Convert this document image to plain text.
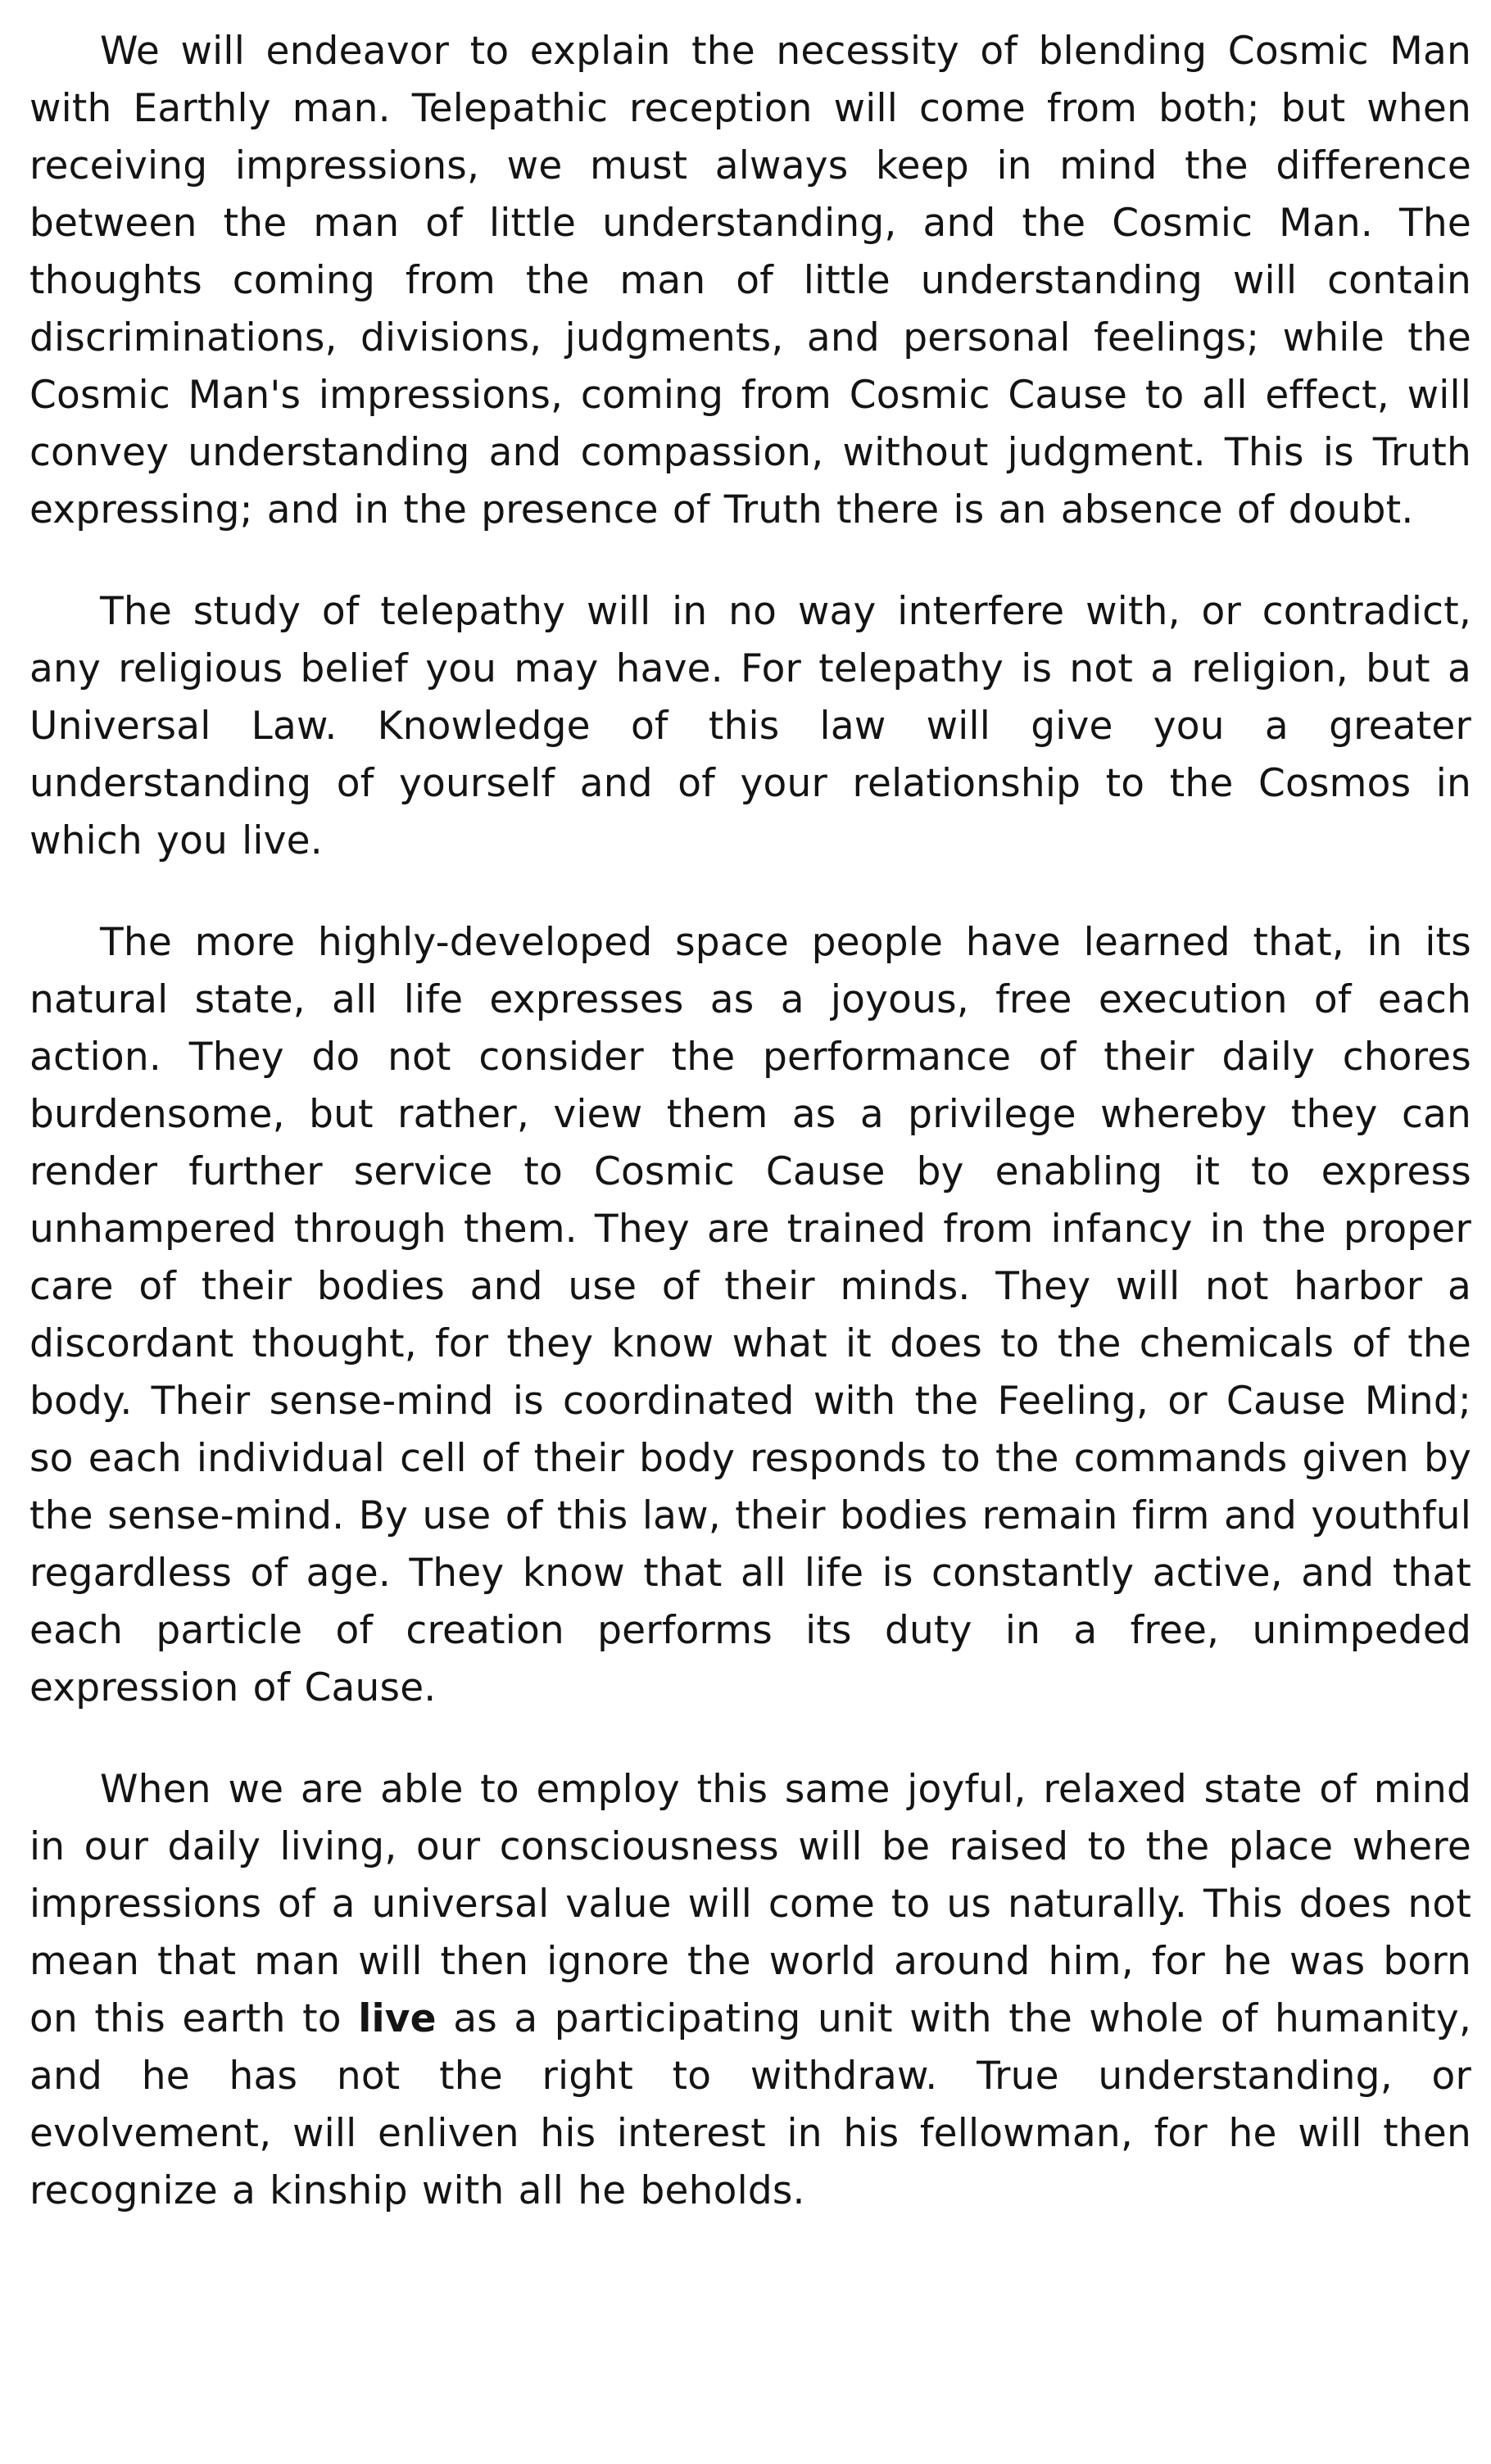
We will endeavor to explain the necessity of blending Cosmic Man with Earthly man. Telepathic reception will come from both; but when receiving impressions, we must always keep in mind the difference between the man of little understanding, and the Cosmic Man. The thoughts coming from the man of little understanding will contain discriminations, divisions, judgments, and personal feelings; while the Cosmic Man's impressions, coming from Cosmic Cause to all effect, will convey understanding and compassion, without judgment. This is Truth expressing; and in the presence of Truth there is an absence of doubt.

The study of telepathy will in no way interfere with, or contradict, any religious belief you may have. For telepathy is not a religion, but a Universal Law. Knowledge of this law will give you a greater understanding of yourself and of your relationship to the Cosmos in which you live.

The more highly-developed space people have learned that, in its natural state, all life expresses as a joyous, free execution of each action. They do not consider the performance of their daily chores burdensome, but rather, view them as a privilege whereby they can render further service to Cosmic Cause by enabling it to express unhampered through them. They are trained from infancy in the proper care of their bodies and use of their minds. They will not harbor a discordant thought, for they know what it does to the chemicals of the body. Their sense-mind is coordinated with the Feeling, or Cause Mind; so each individual cell of their body responds to the commands given by the sense-mind. By use of this law, their bodies remain firm and youthful regardless of age. They know that all life is constantly active, and that each particle of creation performs its duty in a free, unimpeded expression of Cause.

When we are able to employ this same joyful, relaxed state of mind in our daily living, our consciousness will be raised to the place where impressions of a universal value will come to us naturally. This does not mean that man will then ignore the world around him, for he was born on this earth to live as a participating unit with the whole of humanity, and he has not the right to withdraw. True understanding, or evolvement, will enliven his interest in his fellowman, for he will then recognize a kinship with all he beholds.
